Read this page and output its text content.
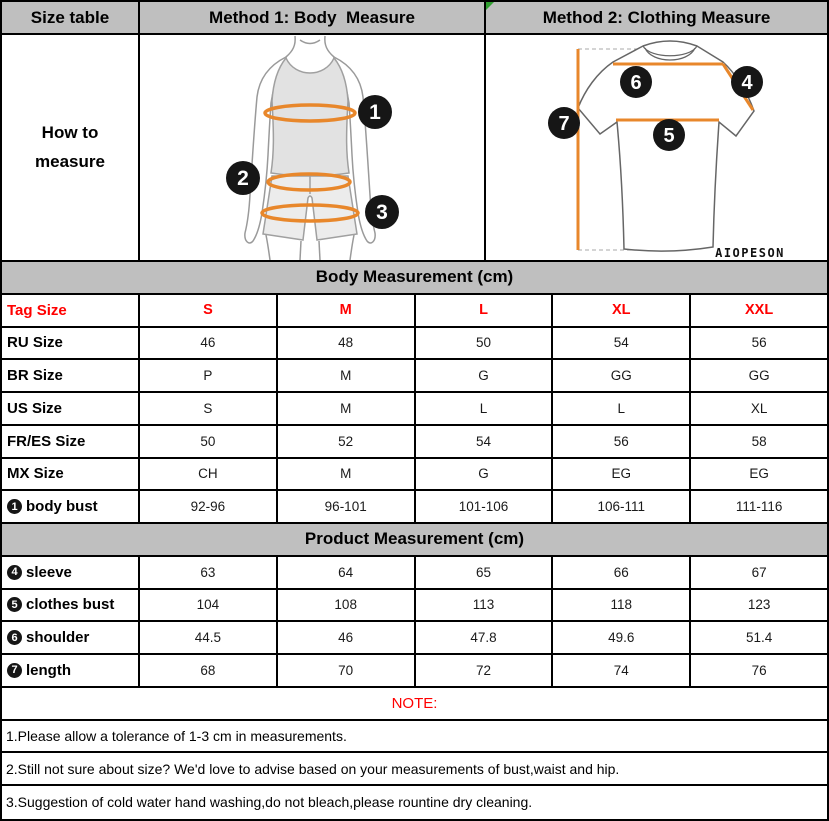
Size table	Method 1: Body  Measure	Method 2: Clothing Measure
How to measure
1
2
3
6	4
5
7
AIOPESON
Body Measurement (cm)
Tag Size	S	M	L	XL	XXL
RU Size	46	48	50	54	56
BR Size	P	M	G	GG	GG
US Size	S	M	L	L	XL
FR/ES Size	50	52	54	56	58
MX Size	CH	M	G	EG	EG
1 body bust	92-96	96-101	101-106	106-111	111-116
Product Measurement (cm)
4 sleeve	63	64	65	66	67
5 clothes bust	104	108	113	118	123
6 shoulder	44.5	46	47.8	49.6	51.4
7 length	68	70	72	74	76
NOTE:
1.Please allow a tolerance of 1-3 cm in measurements.
2.Still not sure about size? We'd love to advise based on your measurements of bust,waist and hip.
3.Suggestion of cold water hand washing,do not bleach,please rountine dry cleaning.
